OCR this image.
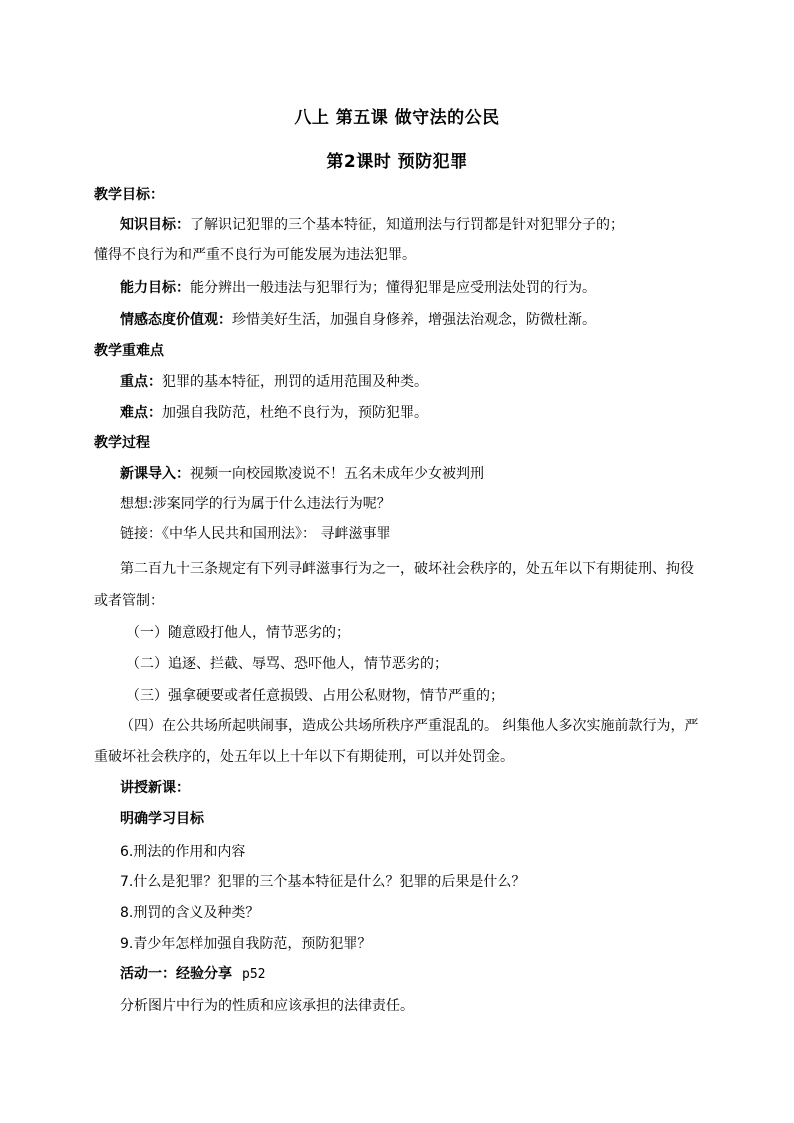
八上 第五课 做守法的公民
第2课时 预防犯罪
教学目标：
知识目标：了解识记犯罪的三个基本特征，知道刑法与行罚都是针对犯罪分子的；
懂得不良行为和严重不良行为可能发展为违法犯罪。
能力目标：能分辨出一般违法与犯罪行为；懂得犯罪是应受刑法处罚的行为。
情感态度价值观：珍惜美好生活，加强自身修养，增强法治观念，防微杜渐。
教学重难点
重点：犯罪的基本特征，刑罚的适用范围及种类。
难点：加强自我防范，杜绝不良行为，预防犯罪。
教学过程
新课导入：视频一向校园欺凌说不！五名未成年少女被判刑
想想:涉案同学的行为属于什么违法行为呢？
链接：《中华人民共和国刑法》： 寻衅滋事罪
第二百九十三条规定有下列寻衅滋事行为之一，破坏社会秩序的，处五年以下有期徒刑、拘役
或者管制：
（一）随意殴打他人，情节恶劣的；
（二）追逐、拦截、辱骂、恐吓他人，情节恶劣的；
（三）强拿硬要或者任意损毁、占用公私财物，情节严重的；
（四）在公共场所起哄闹事，造成公共场所秩序严重混乱的。 纠集他人多次实施前款行为，严
重破坏社会秩序的，处五年以上十年以下有期徒刑，可以并处罚金。
讲授新课：
明确学习目标
6.刑法的作用和内容
7.什么是犯罪？犯罪的三个基本特征是什么？犯罪的后果是什么？
8.刑罚的含义及种类？
9.青少年怎样加强自我防范，预防犯罪？
活动一：经验分享 p52
分析图片中行为的性质和应该承担的法律责任。
